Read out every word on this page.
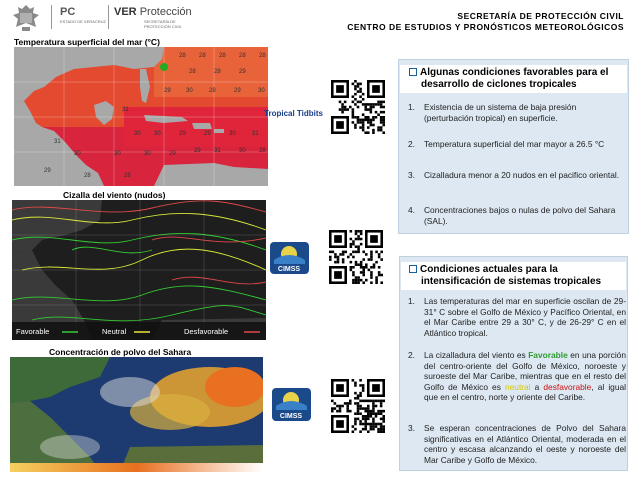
PC
ESTADO DE VERACRUZ
VER Protección
SECRETARÍA DE PROTECCIÓN CIVIL
SECRETARÍA DE PROTECCIÓN CIVIL
CENTRO DE ESTUDIOS Y PRONÓSTICOS METEOROLÓGICOS
Temperatura superficial del mar (°C)
Cizalla del viento (nudos)
Concentración de polvo del Sahara
28 28 28 28 28
28	28	29
29	30	28	29	30
31
30 30	29	29	30	31
31
30	30	30	29	29 31	30
29
28
28
28
Favorable	Neutral	Desfavorable
Tropical Tidbits
CIMSS
CIMSS
Algunas condiciones favorables para el
desarrollo de ciclones tropicales
1. Existencia de un sistema de baja presión (perturbación tropical) en superficie.
2. Temperatura superficial del mar mayor a 26.5 °C
3. Cizalladura menor a 20 nudos en el pacifico oriental.
4. Concentraciones bajos o nulas de polvo del Sahara (SAL).
Condiciones actuales para la
intensificación de sistemas tropicales
1. Las temperaturas del mar en superficie oscilan de 29-31° C sobre el Golfo de México y Pacífico Oriental, en el Mar Caribe entre 29 a 30° C, y de 26-29° C en el Atlántico tropical.
2. La cizalladura del viento es Favorable en una porción del centro-oriente del Golfo de México, noroeste y suroeste del Mar Caribe, mientras que en el resto del Golfo de México es neutral a desfavorable, al igual que en el centro, norte y oriente del Caribe.
3. Se esperan concentraciones de Polvo del Sahara significativas en el Atlántico Oriental, moderada en el centro y escasa alcanzando el oeste y noroeste del Mar Caribe y Golfo de México.
